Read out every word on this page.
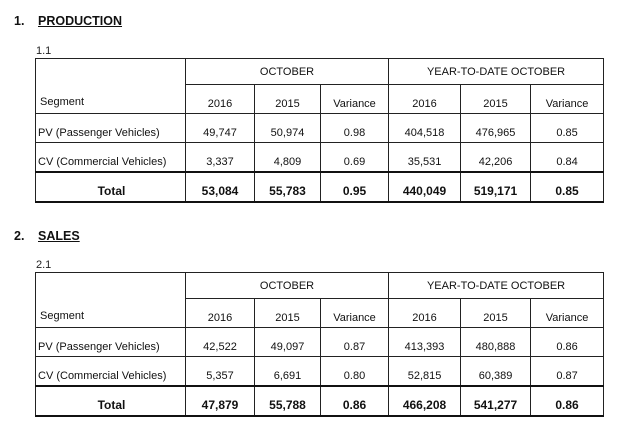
1. PRODUCTION
1.1
Segment	OCTOBER			YEAR-TO-DATE OCTOBER		
	2016	2015	Variance	2016	2015	Variance
PV (Passenger Vehicles)	49,747	50,974	0.98	404,518	476,965	0.85
CV (Commercial Vehicles)	3,337	4,809	0.69	35,531	42,206	0.84
Total	53,084	55,783	0.95	440,049	519,171	0.85
2. SALES
2.1
Segment	OCTOBER			YEAR-TO-DATE OCTOBER		
	2016	2015	Variance	2016	2015	Variance
PV (Passenger Vehicles)	42,522	49,097	0.87	413,393	480,888	0.86
CV (Commercial Vehicles)	5,357	6,691	0.80	52,815	60,389	0.87
Total	47,879	55,788	0.86	466,208	541,277	0.86
